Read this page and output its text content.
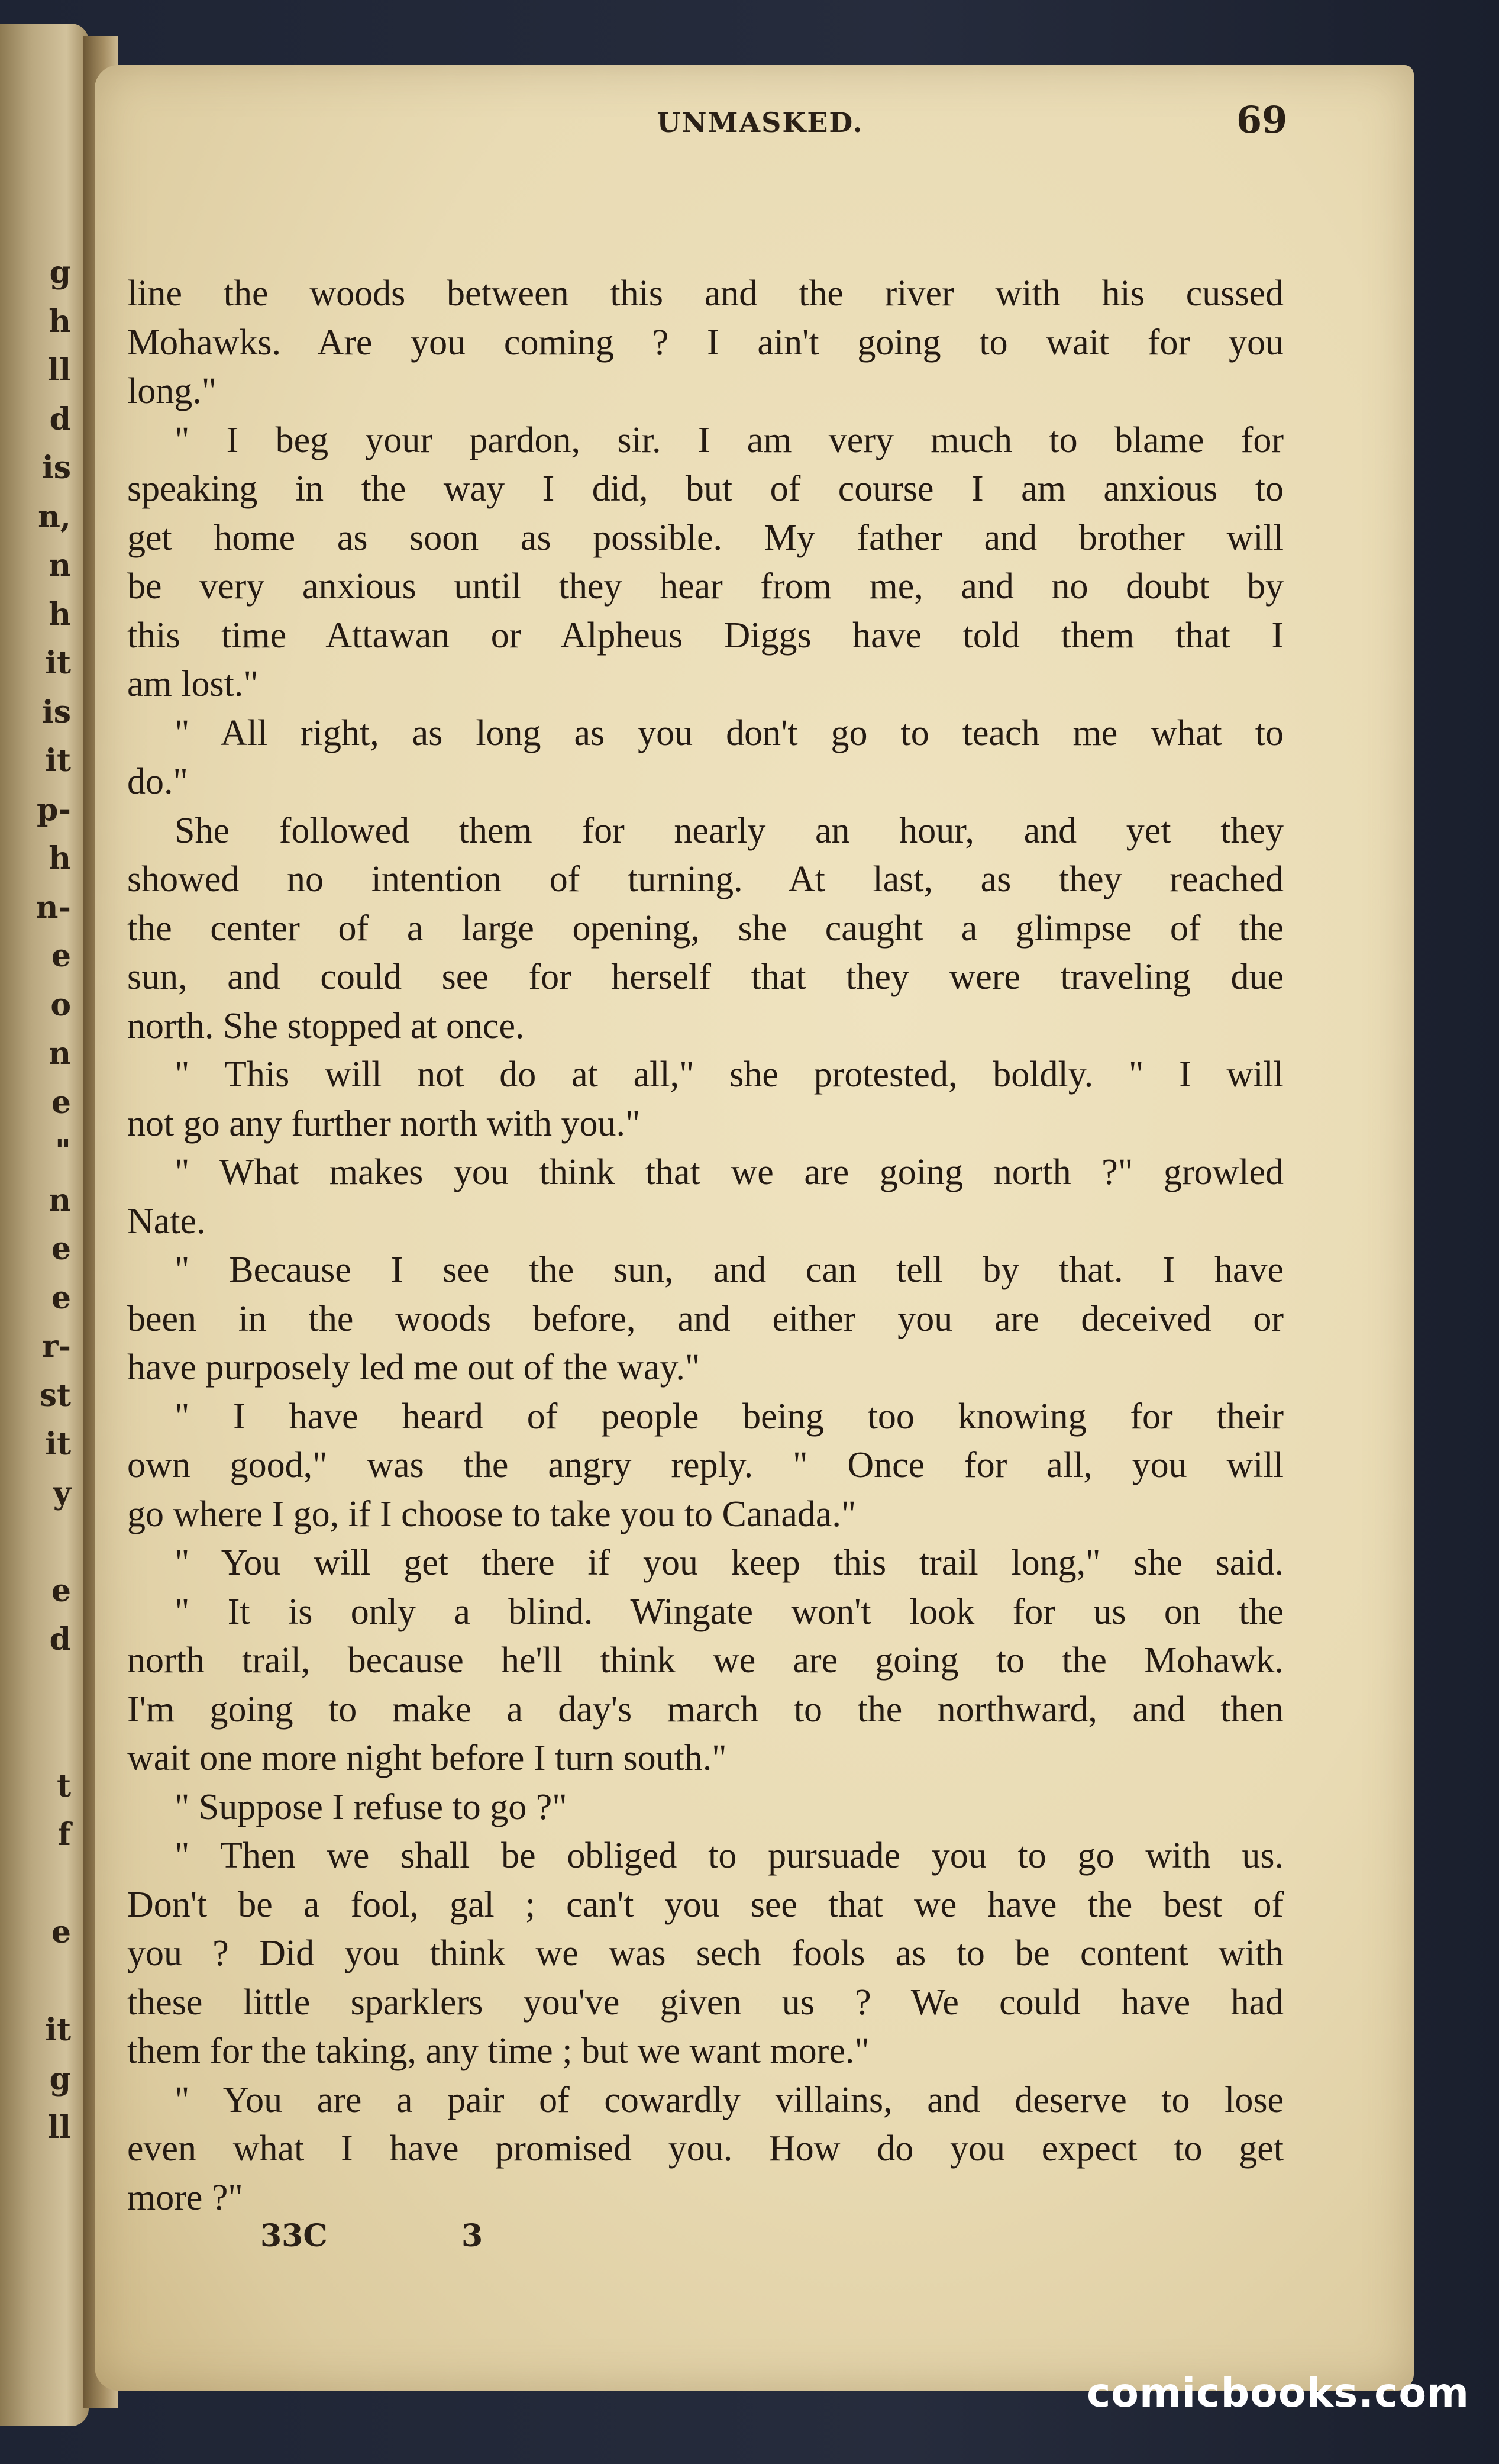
g
h
ll
d
is
n,
n
h
it
is
it
p-
h
n-
e
o
n
e
"
n
e
e
r-
st
it
y

e
d

t
f

e

it
g
ll
UNMASKED.	69
line the woods between this and the river with his cussed
Mohawks. Are you coming ? I ain't going to wait for you
long."
" I beg your pardon, sir. I am very much to blame for
speaking in the way I did, but of course I am anxious to
get home as soon as possible. My father and brother will
be very anxious until they hear from me, and no doubt by
this time Attawan or Alpheus Diggs have told them that I
am lost."
" All right, as long as you don't go to teach me what to
do."
She followed them for nearly an hour, and yet they
showed no intention of turning. At last, as they reached
the center of a large opening, she caught a glimpse of the
sun, and could see for herself that they were traveling due
north. She stopped at once.
" This will not do at all," she protested, boldly. " I will
not go any further north with you."
" What makes you think that we are going north ?" growled
Nate.
" Because I see the sun, and can tell by that. I have
been in the woods before, and either you are deceived or
have purposely led me out of the way."
" I have heard of people being too knowing for their
own good," was the angry reply. " Once for all, you will
go where I go, if I choose to take you to Canada."
" You will get there if you keep this trail long," she said.
" It is only a blind. Wingate won't look for us on the
north trail, because he'll think we are going to the Mohawk.
I'm going to make a day's march to the northward, and then
wait one more night before I turn south."
" Suppose I refuse to go ?"
" Then we shall be obliged to pursuade you to go with us.
Don't be a fool, gal ; can't you see that we have the best of
you ? Did you think we was sech fools as to be content with
these little sparklers you've given us ? We could have had
them for the taking, any time ; but we want more."
" You are a pair of cowardly villains, and deserve to lose
even what I have promised you. How do you expect to get
more ?"
33C	3
comicbooks.com
